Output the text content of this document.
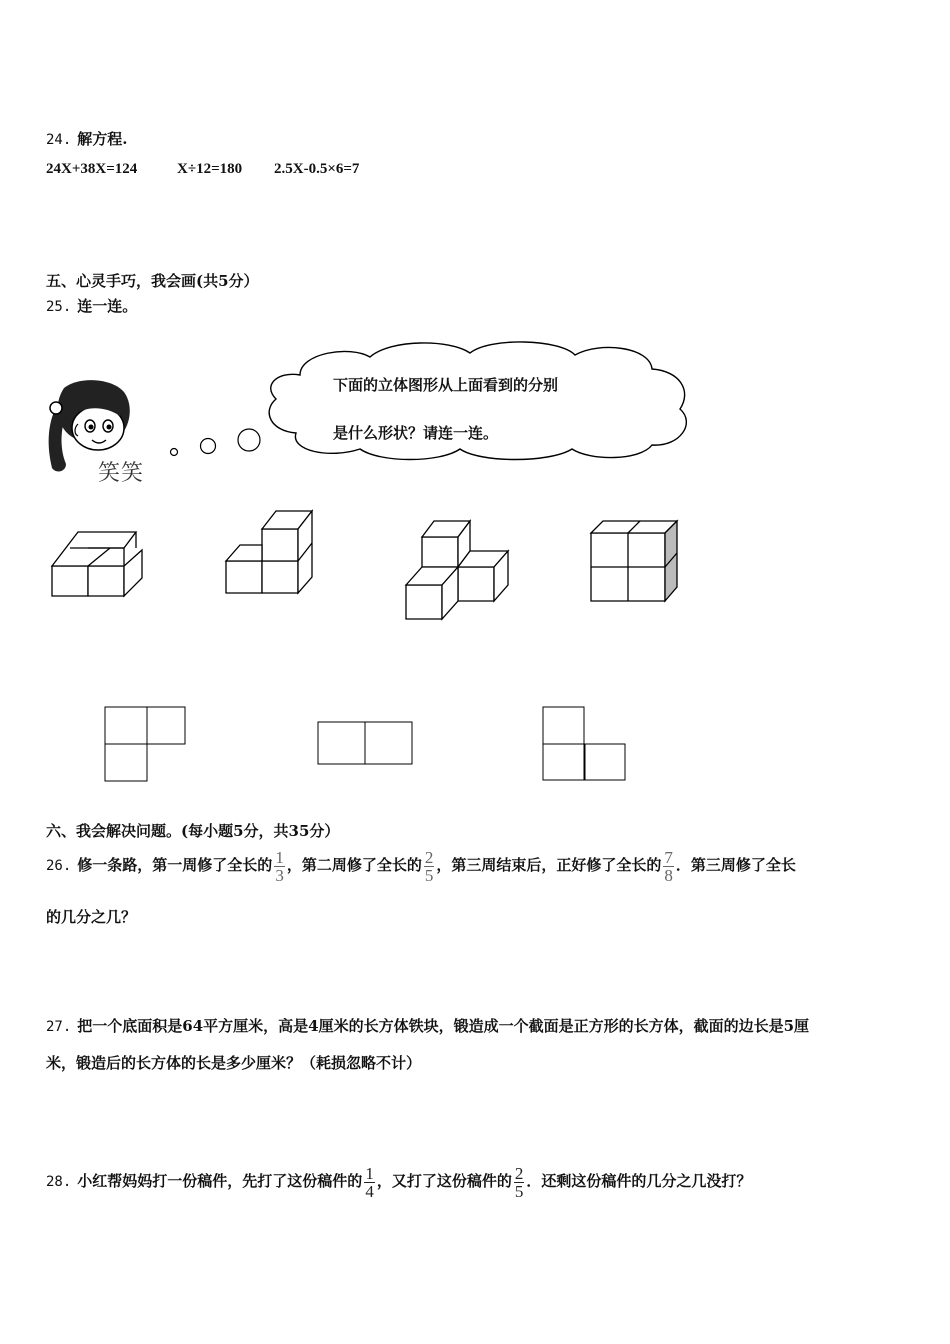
24. 解方程.
24X+38X=124	X÷12=180 2.5X-0.5×6=7
五、心灵手巧，我会画(共5分）
25. 连一连。
笑笑
下面的立体图形从上面看到的分别
是什么形状？请连一连。
六、我会解决问题。(每小题5分，共35分）
26. 修一条路，第一周修了全长的 $\frac{1}{3}$ ，第二周修了全长的 $\frac{2}{5}$ ，第三周结束后，正好修了全长的 $\frac{7}{8}$ ．第三周修了全长
的几分之几？
27. 把一个底面积是64平方厘米，高是4厘米的长方体铁块，锻造成一个截面是正方形的长方体，截面的边长是5厘
米，锻造后的长方体的长是多少厘米？（耗损忽略不计）
28. 小红帮妈妈打一份稿件，先打了这份稿件的 $\frac{1}{4}$ ，又打了这份稿件的 $\frac{2}{5}$ ．还剩这份稿件的几分之几没打？
